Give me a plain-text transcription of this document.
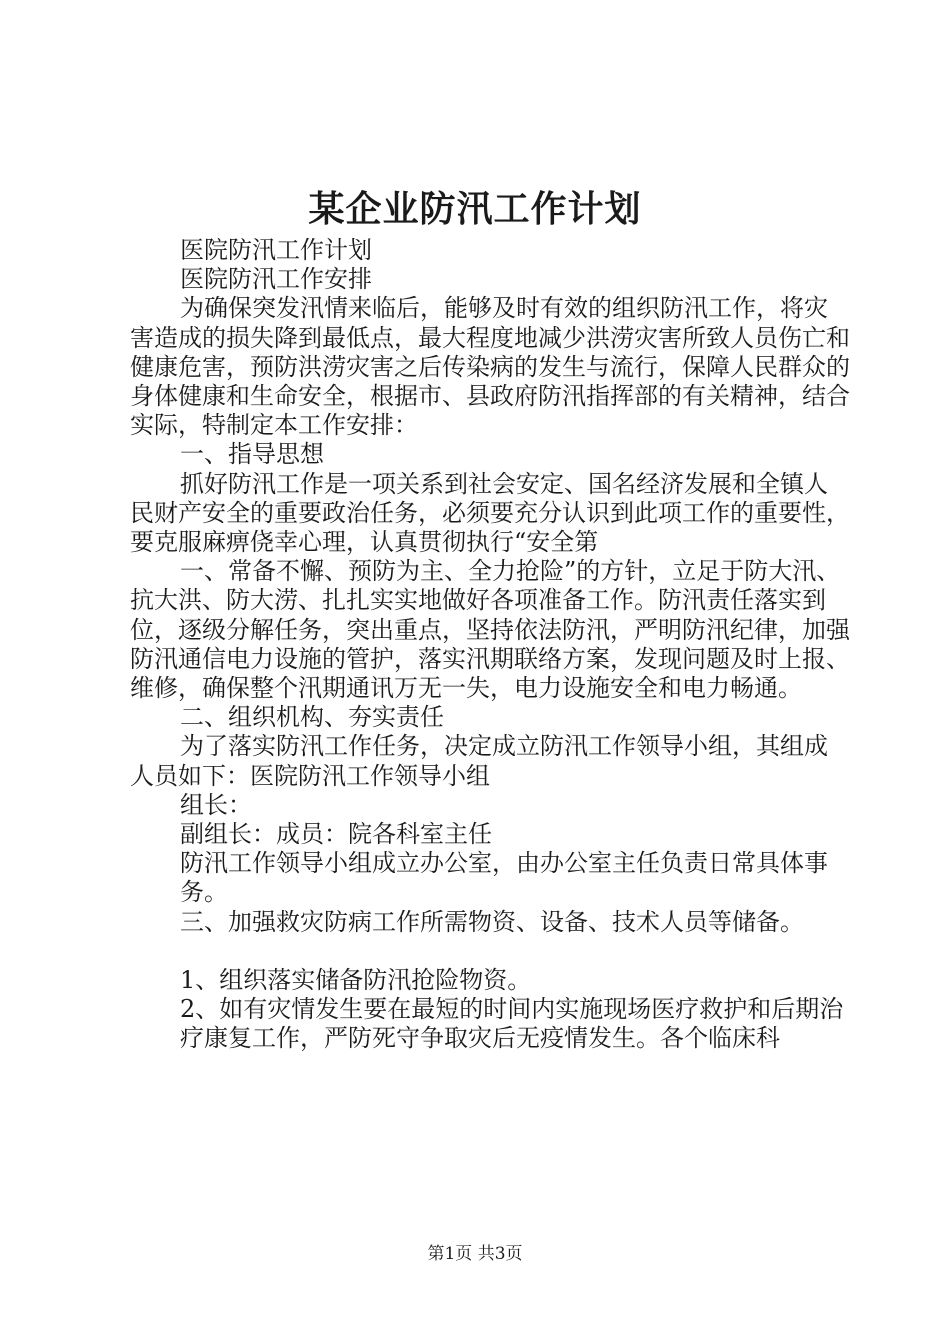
某企业防汛工作计划

医院防汛工作计划

医院防汛工作安排

为确保突发汛情来临后，能够及时有效的组织防汛工作，将灾害造成的损失降到最低点，最大程度地减少洪涝灾害所致人员伤亡和健康危害，预防洪涝灾害之后传染病的发生与流行，保障人民群众的身体健康和生命安全，根据市、县政府防汛指挥部的有关精神，结合实际，特制定本工作安排：

一、指导思想

抓好防汛工作是一项关系到社会安定、国名经济发展和全镇人民财产安全的重要政治任务，必须要充分认识到此项工作的重要性，要克服麻痹侥幸心理，认真贯彻执行“安全第

一、常备不懈、预防为主、全力抢险”的方针，立足于防大汛、抗大洪、防大涝、扎扎实实地做好各项准备工作。防汛责任落实到位，逐级分解任务，突出重点，坚持依法防汛，严明防汛纪律，加强防汛通信电力设施的管护，落实汛期联络方案，发现问题及时上报、维修，确保整个汛期通讯万无一失，电力设施安全和电力畅通。

二、组织机构、夯实责任

为了落实防汛工作任务，决定成立防汛工作领导小组，其组成人员如下：医院防汛工作领导小组

组长：

副组长：成员：院各科室主任

防汛工作领导小组成立办公室，由办公室主任负责日常具体事

务。

三、加强救灾防病工作所需物资、设备、技术人员等储备。

1、组织落实储备防汛抢险物资。

2、如有灾情发生要在最短的时间内实施现场医疗救护和后期治

疗康复工作，严防死守争取灾后无疫情发生。各个临床科

第1页 共3页
